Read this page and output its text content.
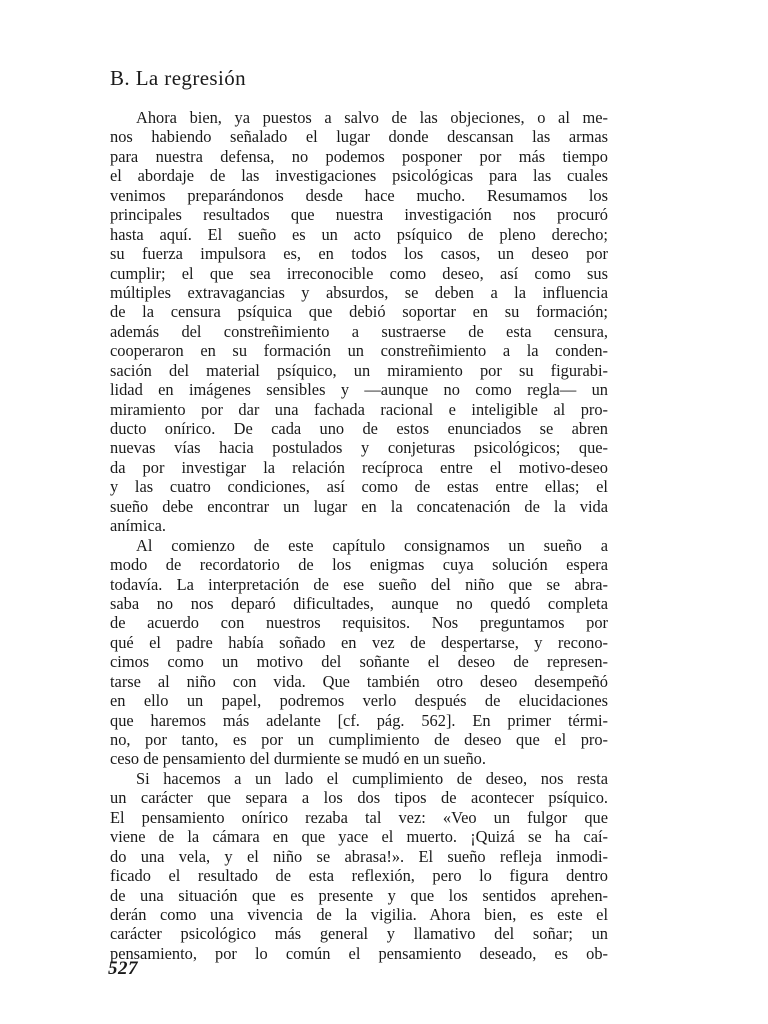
B. La regresión
Ahora bien, ya puestos a salvo de las objeciones, o al me-
nos habiendo señalado el lugar donde descansan las armas
para nuestra defensa, no podemos posponer por más tiempo
el abordaje de las investigaciones psicológicas para las cuales
venimos preparándonos desde hace mucho. Resumamos los
principales resultados que nuestra investigación nos procuró
hasta aquí. El sueño es un acto psíquico de pleno derecho;
su fuerza impulsora es, en todos los casos, un deseo por
cumplir; el que sea irreconocible como deseo, así como sus
múltiples extravagancias y absurdos, se deben a la influencia
de la censura psíquica que debió soportar en su formación;
además del constreñimiento a sustraerse de esta censura,
cooperaron en su formación un constreñimiento a la conden-
sación del material psíquico, un miramiento por su figurabi-
lidad en imágenes sensibles y —aunque no como regla— un
miramiento por dar una fachada racional e inteligible al pro-
ducto onírico. De cada uno de estos enunciados se abren
nuevas vías hacia postulados y conjeturas psicológicos; que-
da por investigar la relación recíproca entre el motivo-deseo
y las cuatro condiciones, así como de estas entre ellas; el
sueño debe encontrar un lugar en la concatenación de la vida
anímica.
Al comienzo de este capítulo consignamos un sueño a
modo de recordatorio de los enigmas cuya solución espera
todavía. La interpretación de ese sueño del niño que se abra-
saba no nos deparó dificultades, aunque no quedó completa
de acuerdo con nuestros requisitos. Nos preguntamos por
qué el padre había soñado en vez de despertarse, y recono-
cimos como un motivo del soñante el deseo de represen-
tarse al niño con vida. Que también otro deseo desempeñó
en ello un papel, podremos verlo después de elucidaciones
que haremos más adelante [cf. pág. 562]. En primer térmi-
no, por tanto, es por un cumplimiento de deseo que el pro-
ceso de pensamiento del durmiente se mudó en un sueño.
Si hacemos a un lado el cumplimiento de deseo, nos resta
un carácter que separa a los dos tipos de acontecer psíquico.
El pensamiento onírico rezaba tal vez: «Veo un fulgor que
viene de la cámara en que yace el muerto. ¡Quizá se ha caí-
do una vela, y el niño se abrasa!». El sueño refleja inmodi-
ficado el resultado de esta reflexión, pero lo figura dentro
de una situación que es presente y que los sentidos aprehen-
derán como una vivencia de la vigilia. Ahora bien, es este el
carácter psicológico más general y llamativo del soñar; un
pensamiento, por lo común el pensamiento deseado, es ob-
527
